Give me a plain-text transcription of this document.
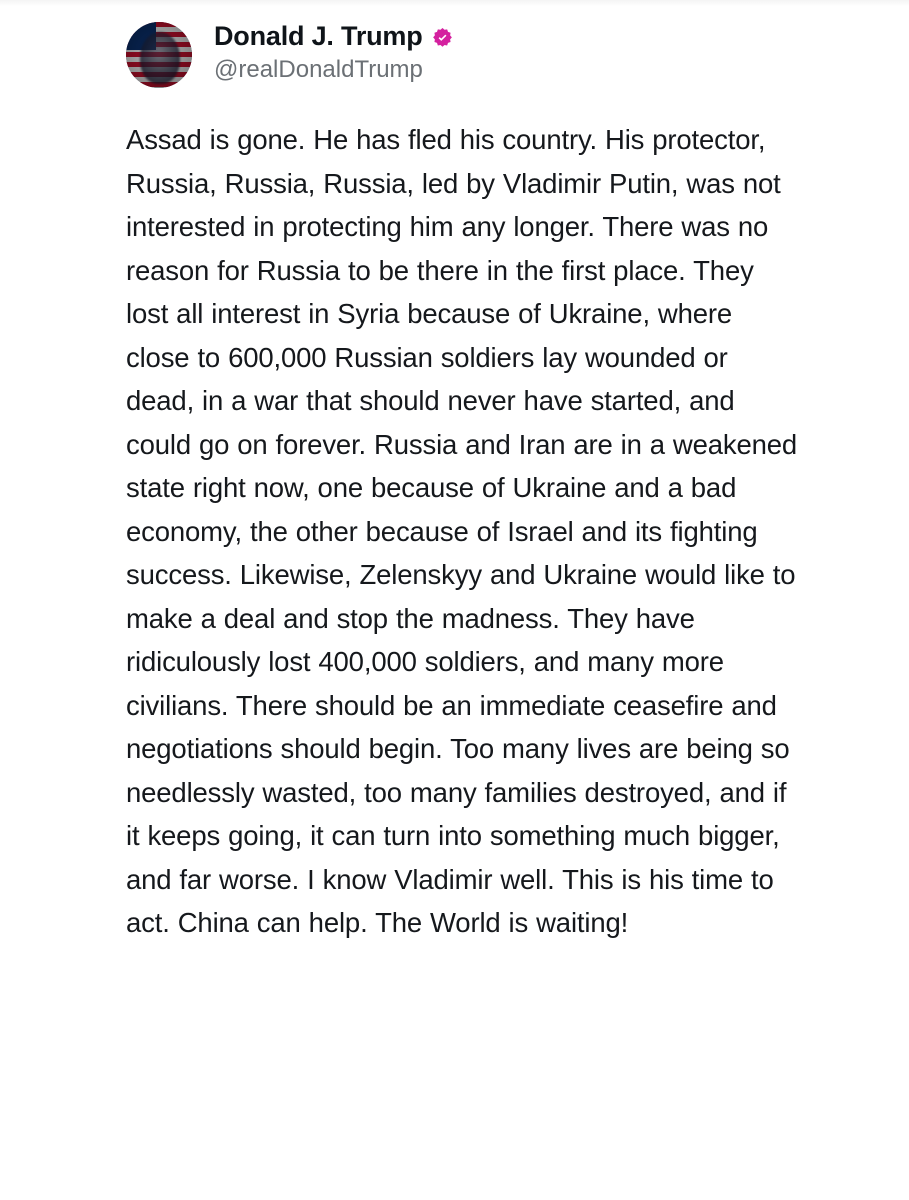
Donald J. Trump
@realDonaldTrump

Assad is gone. He has fled his country. His protector, Russia, Russia, Russia, led by Vladimir Putin, was not interested in protecting him any longer. There was no reason for Russia to be there in the first place. They lost all interest in Syria because of Ukraine, where close to 600,000 Russian soldiers lay wounded or dead, in a war that should never have started, and could go on forever. Russia and Iran are in a weakened state right now, one because of Ukraine and a bad economy, the other because of Israel and its fighting success. Likewise, Zelenskyy and Ukraine would like to make a deal and stop the madness. They have ridiculously lost 400,000 soldiers, and many more civilians. There should be an immediate ceasefire and negotiations should begin. Too many lives are being so needlessly wasted, too many families destroyed, and if it keeps going, it can turn into something much bigger, and far worse. I know Vladimir well. This is his time to act. China can help. The World is waiting!
